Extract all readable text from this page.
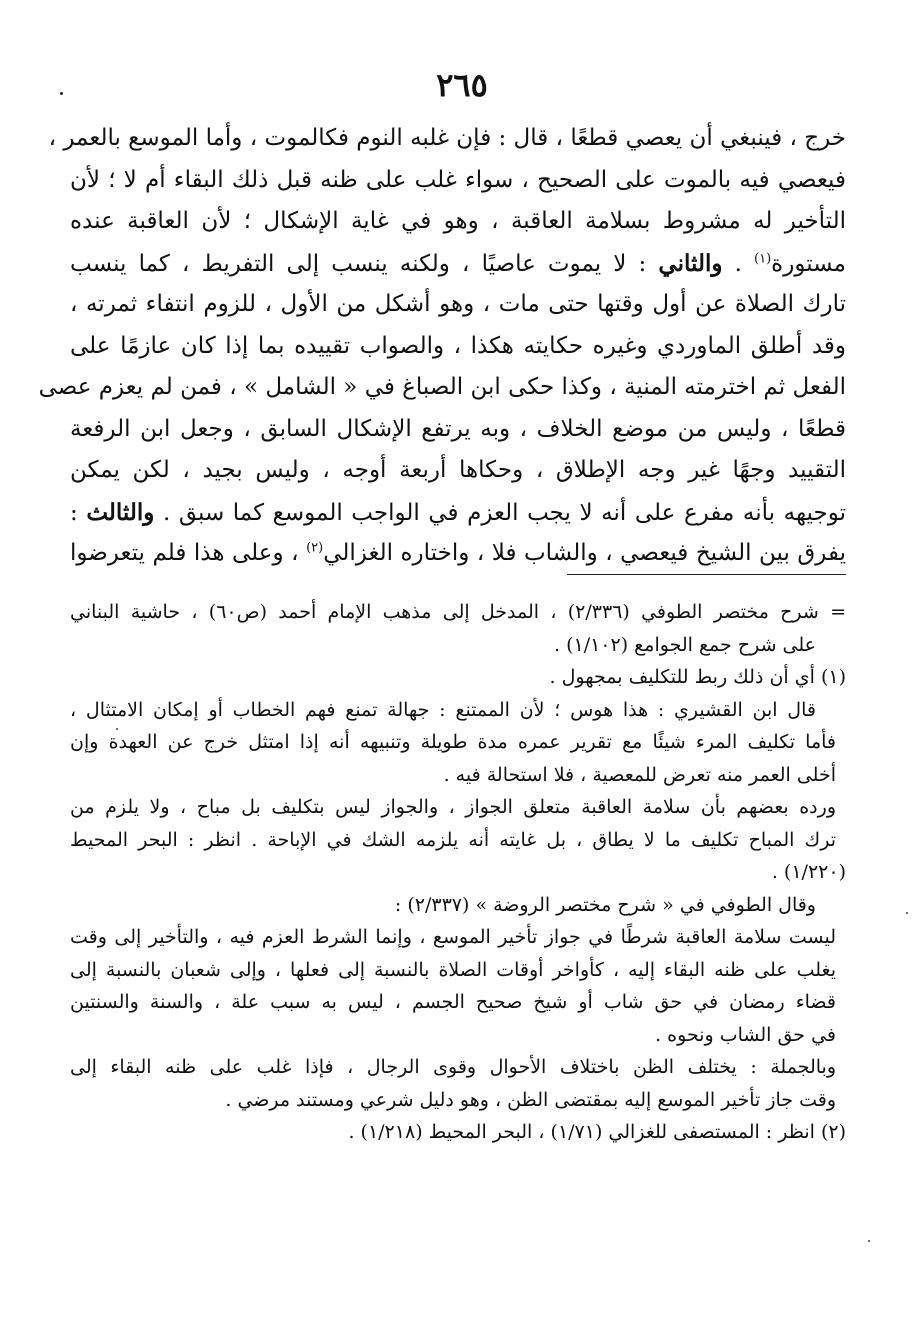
٢٦٥
خرج ، فينبغي أن يعصي قطعًا ، قال : فإن غلبه النوم فكالموت ، وأما الموسع بالعمر ،
فيعصي فيه بالموت على الصحيح ، سواء غلب على ظنه قبل ذلك البقاء أم لا ؛ لأن
التأخير له مشروط بسلامة العاقبة ، وهو في غاية الإشكال ؛ لأن العاقبة عنده
مستورة$^{(١)}$ . والثاني : لا يموت عاصيًا ، ولكنه ينسب إلى التفريط ، كما ينسب
تارك الصلاة عن أول وقتها حتى مات ، وهو أشكل من الأول ، للزوم انتفاء ثمرته ،
وقد أطلق الماوردي وغيره حكايته هكذا ، والصواب تقييده بما إذا كان عازمًا على
الفعل ثم اخترمته المنية ، وكذا حكى ابن الصباغ في « الشامل » ، فمن لم يعزم عصى
قطعًا ، وليس من موضع الخلاف ، وبه يرتفع الإشكال السابق ، وجعل ابن الرفعة
التقييد وجهًا غير وجه الإطلاق ، وحكاها أربعة أوجه ، وليس بجيد ، لكن يمكن
توجيهه بأنه مفرع على أنه لا يجب العزم في الواجب الموسع كما سبق . والثالث :
يفرق بين الشيخ فيعصي ، والشاب فلا ، واختاره الغزالي$^{(٢)}$ ، وعلى هذا فلم يتعرضوا
= شرح مختصر الطوفي (٢/٣٣٦) ، المدخل إلى مذهب الإمام أحمد (ص٦٠) ، حاشية البناني
على شرح جمع الجوامع (١/١٠٢) .
(١) أي أن ذلك ربط للتكليف بمجهول .
قال ابن القشيري : هذا هوس ؛ لأن الممتنع : جهالة تمنع فهم الخطاب أو إمكان الامتثال ،
فأما تكليف المرء شيئًا مع تقرير عمره مدة طويلة وتنبيهه أنه إذا امتثل خرج عن العهدة وإن
أخلى العمر منه تعرض للمعصية ، فلا استحالة فيه .
ورده بعضهم بأن سلامة العاقبة متعلق الجواز ، والجواز ليس بتكليف بل مباح ، ولا يلزم من
ترك المباح تكليف ما لا يطاق ، بل غايته أنه يلزمه الشك في الإباحة . انظر : البحر المحيط
(١/٢٢٠) .
وقال الطوفي في « شرح مختصر الروضة » (٢/٣٣٧) :
ليست سلامة العاقبة شرطًا في جواز تأخير الموسع ، وإنما الشرط العزم فيه ، والتأخير إلى وقت
يغلب على ظنه البقاء إليه ، كأواخر أوقات الصلاة بالنسبة إلى فعلها ، وإلى شعبان بالنسبة إلى
قضاء رمضان في حق شاب أو شيخ صحيح الجسم ، ليس به سبب علة ، والسنة والسنتين
في حق الشاب ونحوه .
وبالجملة : يختلف الظن باختلاف الأحوال وقوى الرجال ، فإذا غلب على ظنه البقاء إلى
وقت جاز تأخير الموسع إليه بمقتضى الظن ، وهو دليل شرعي ومستند مرضي .
(٢) انظر : المستصفى للغزالي (١/٧١) ، البحر المحيط (١/٢١٨) .
